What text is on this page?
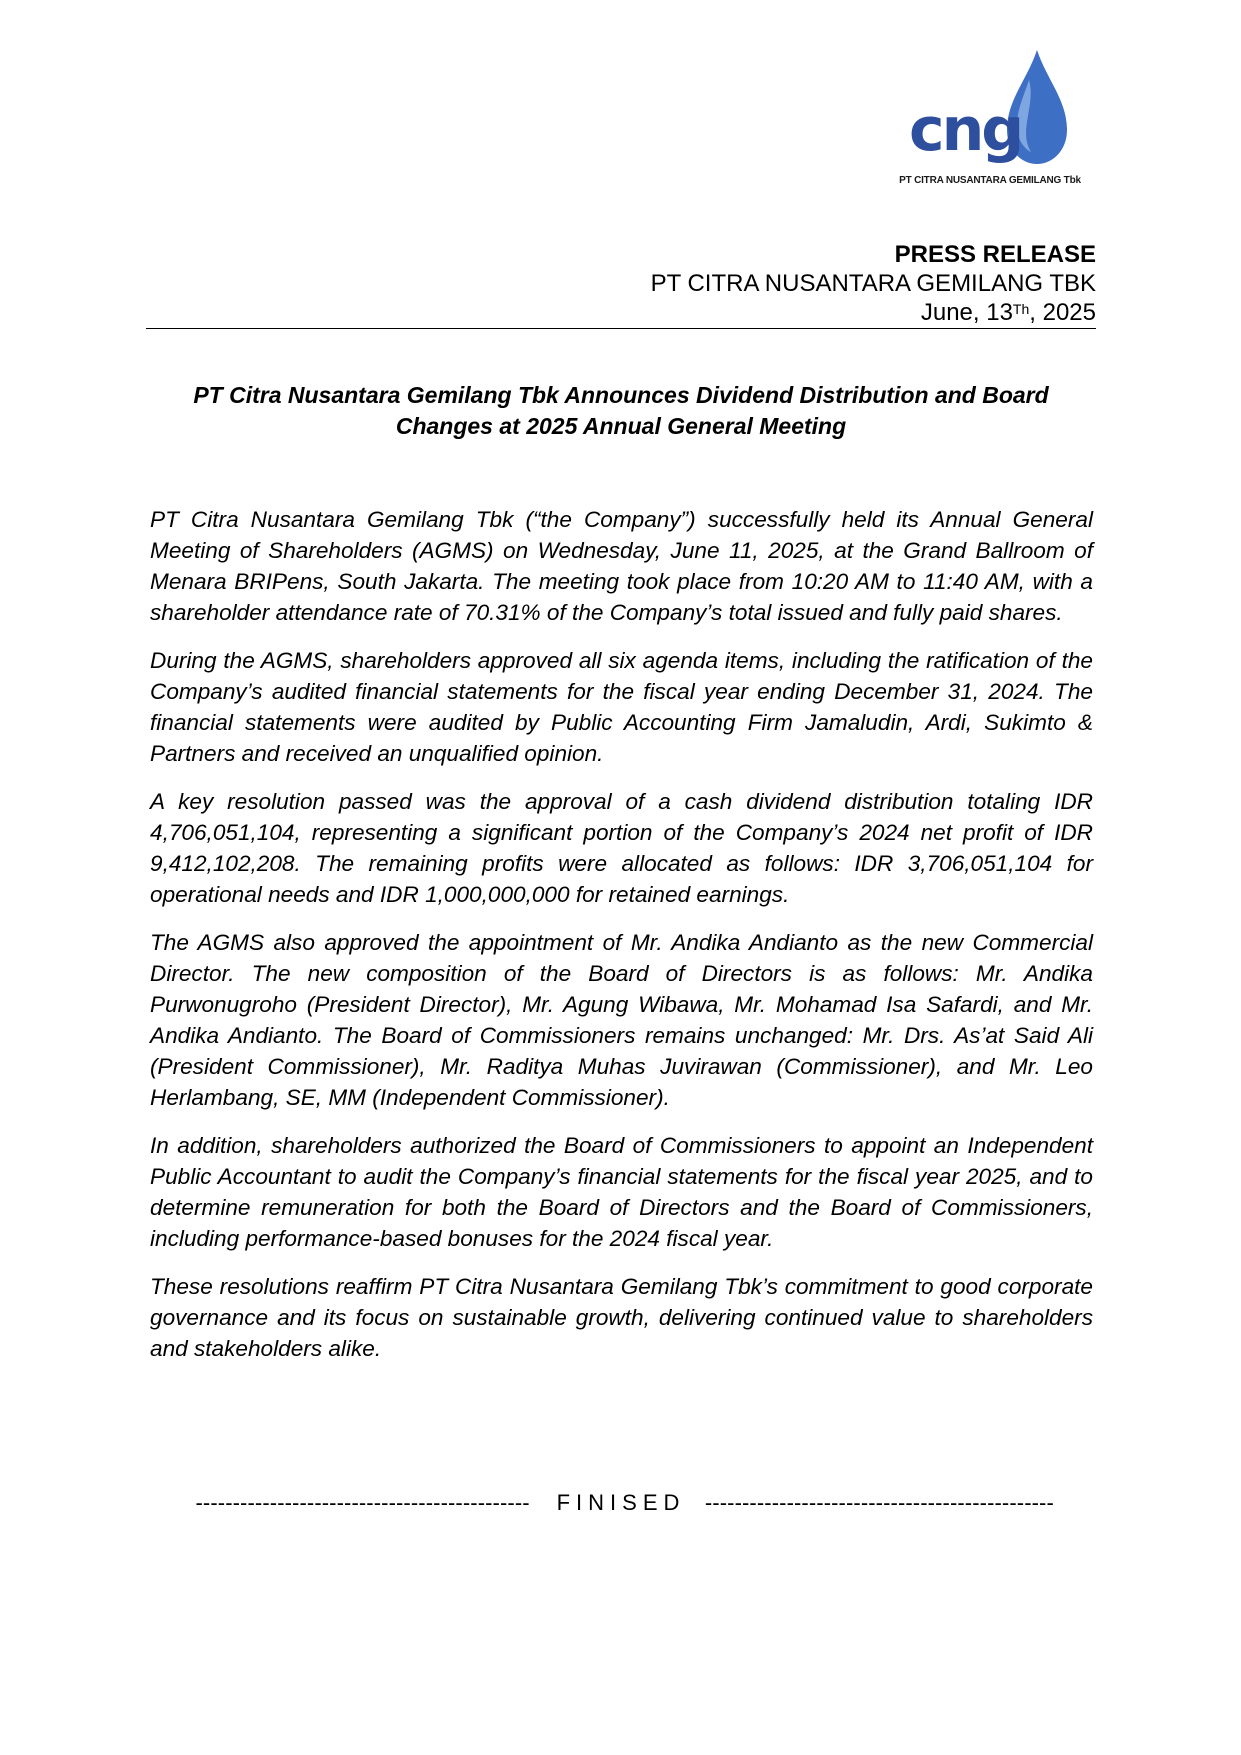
cng
PT CITRA NUSANTARA GEMILANG Tbk
PRESS RELEASE
PT CITRA NUSANTARA GEMILANG TBK
June, 13Th, 2025
PT Citra Nusantara Gemilang Tbk Announces Dividend Distribution and Board Changes at 2025 Annual General Meeting

PT Citra Nusantara Gemilang Tbk (“the Company”) successfully held its Annual General Meeting of Shareholders (AGMS) on Wednesday, June 11, 2025, at the Grand Ballroom of Menara BRIPens, South Jakarta. The meeting took place from 10:20 AM to 11:40 AM, with a shareholder attendance rate of 70.31% of the Company’s total issued and fully paid shares.

During the AGMS, shareholders approved all six agenda items, including the ratification of the Company’s audited financial statements for the fiscal year ending December 31, 2024. The financial statements were audited by Public Accounting Firm Jamaludin, Ardi, Sukimto & Partners and received an unqualified opinion.

A key resolution passed was the approval of a cash dividend distribution totaling IDR 4,706,051,104, representing a significant portion of the Company’s 2024 net profit of IDR 9,412,102,208. The remaining profits were allocated as follows: IDR 3,706,051,104 for operational needs and IDR 1,000,000,000 for retained earnings.

The AGMS also approved the appointment of Mr. Andika Andianto as the new Commercial Director. The new composition of the Board of Directors is as follows: Mr. Andika Purwonugroho (President Director), Mr. Agung Wibawa, Mr. Mohamad Isa Safardi, and Mr. Andika Andianto. The Board of Commissioners remains unchanged: Mr. Drs. As’at Said Ali (President Commissioner), Mr. Raditya Muhas Juvirawan (Commissioner), and Mr. Leo Herlambang, SE, MM (Independent Commissioner).

In addition, shareholders authorized the Board of Commissioners to appoint an Independent Public Accountant to audit the Company’s financial statements for the fiscal year 2025, and to determine remuneration for both the Board of Directors and the Board of Commissioners, including performance-based bonuses for the 2024 fiscal year.

These resolutions reaffirm PT Citra Nusantara Gemilang Tbk’s commitment to good corporate governance and its focus on sustainable growth, delivering continued value to shareholders and stakeholders alike.

--------------------------------------------- FINISED -----------------------------------------------
